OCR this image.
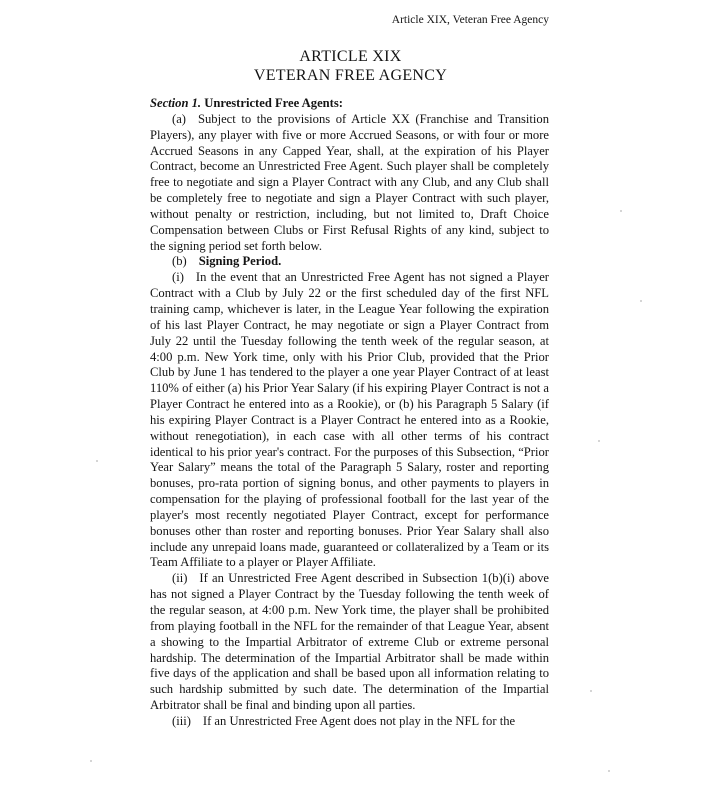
Article XIX, Veteran Free Agency
ARTICLE XIX
VETERAN FREE AGENCY

Section 1. Unrestricted Free Agents:

(a) Subject to the provisions of Article XX (Franchise and Transition Players), any player with five or more Accrued Seasons, or with four or more Accrued Seasons in any Capped Year, shall, at the expiration of his Player Contract, become an Unrestricted Free Agent. Such player shall be completely free to negotiate and sign a Player Contract with any Club, and any Club shall be completely free to negotiate and sign a Player Contract with such player, without penalty or restriction, including, but not limited to, Draft Choice Compensation between Clubs or First Refusal Rights of any kind, subject to the signing period set forth below.

(b) Signing Period.

(i) In the event that an Unrestricted Free Agent has not signed a Player Contract with a Club by July 22 or the first scheduled day of the first NFL training camp, whichever is later, in the League Year following the expiration of his last Player Contract, he may negotiate or sign a Player Contract from July 22 until the Tuesday following the tenth week of the regular season, at 4:00 p.m. New York time, only with his Prior Club, provided that the Prior Club by June 1 has tendered to the player a one year Player Contract of at least 110% of either (a) his Prior Year Salary (if his expiring Player Contract is not a Player Contract he entered into as a Rookie), or (b) his Paragraph 5 Salary (if his expiring Player Contract is a Player Contract he entered into as a Rookie, without renegotiation), in each case with all other terms of his contract identical to his prior year's contract. For the purposes of this Subsection, “Prior Year Salary” means the total of the Paragraph 5 Salary, roster and reporting bonuses, pro-rata portion of signing bonus, and other payments to players in compensation for the playing of professional football for the last year of the player's most recently negotiated Player Contract, except for performance bonuses other than roster and reporting bonuses. Prior Year Salary shall also include any unrepaid loans made, guaranteed or collateralized by a Team or its Team Affiliate to a player or Player Affiliate.

(ii) If an Unrestricted Free Agent described in Subsection 1(b)(i) above has not signed a Player Contract by the Tuesday following the tenth week of the regular season, at 4:00 p.m. New York time, the player shall be prohibited from playing football in the NFL for the remainder of that League Year, absent a showing to the Impartial Arbitrator of extreme Club or extreme personal hardship. The determination of the Impartial Arbitrator shall be made within five days of the application and shall be based upon all information relating to such hardship submitted by such date. The determination of the Impartial Arbitrator shall be final and binding upon all parties.

(iii) If an Unrestricted Free Agent does not play in the NFL for the
